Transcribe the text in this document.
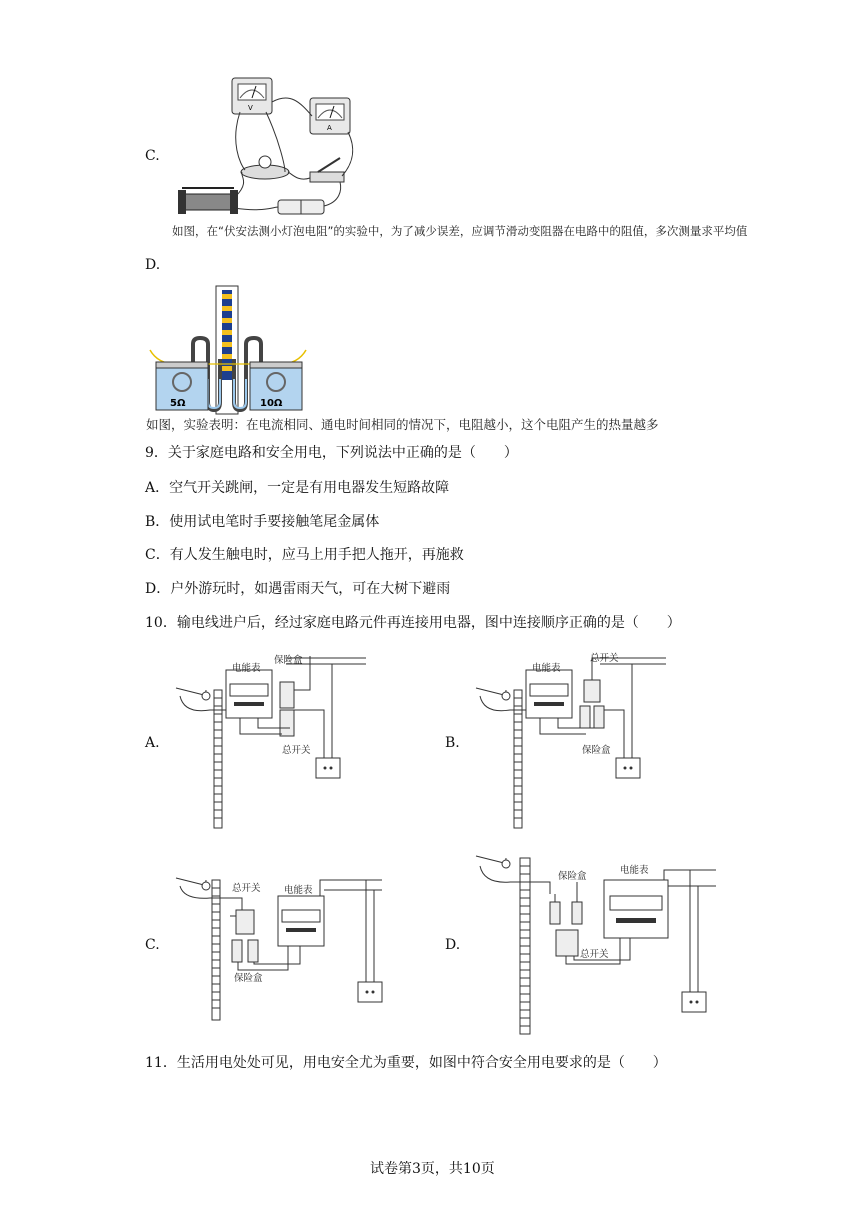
C.
V
A
如图，在“伏安法测小灯泡电阻”的实验中，为了减少误差，应调节滑动变阻器在电路中的阻值，多次测量求平均值
D.
5Ω	10Ω
如图，实验表明：在电流相同、通电时间相同的情况下，电阻越小，这个电阻产生的热量越多
9．关于家庭电路和安全用电，下列说法中正确的是（　　）
A．空气开关跳闸，一定是有用电器发生短路故障
B．使用试电笔时手要接触笔尾金属体
C．有人发生触电时，应马上用手把人拖开，再施救
D．户外游玩时，如遇雷雨天气，可在大树下避雨
10．输电线进户后，经过家庭电路元件再连接用电器，图中连接顺序正确的是（　　）
A.
电能表
保险盒
总开关	B.
电能表
总开关
保险盒
C.
总开关 电能表
保险盒
D.
保险盒
电能表
总开关
11．生活用电处处可见，用电安全尤为重要，如图中符合安全用电要求的是（　　）
试卷第3页，共10页
